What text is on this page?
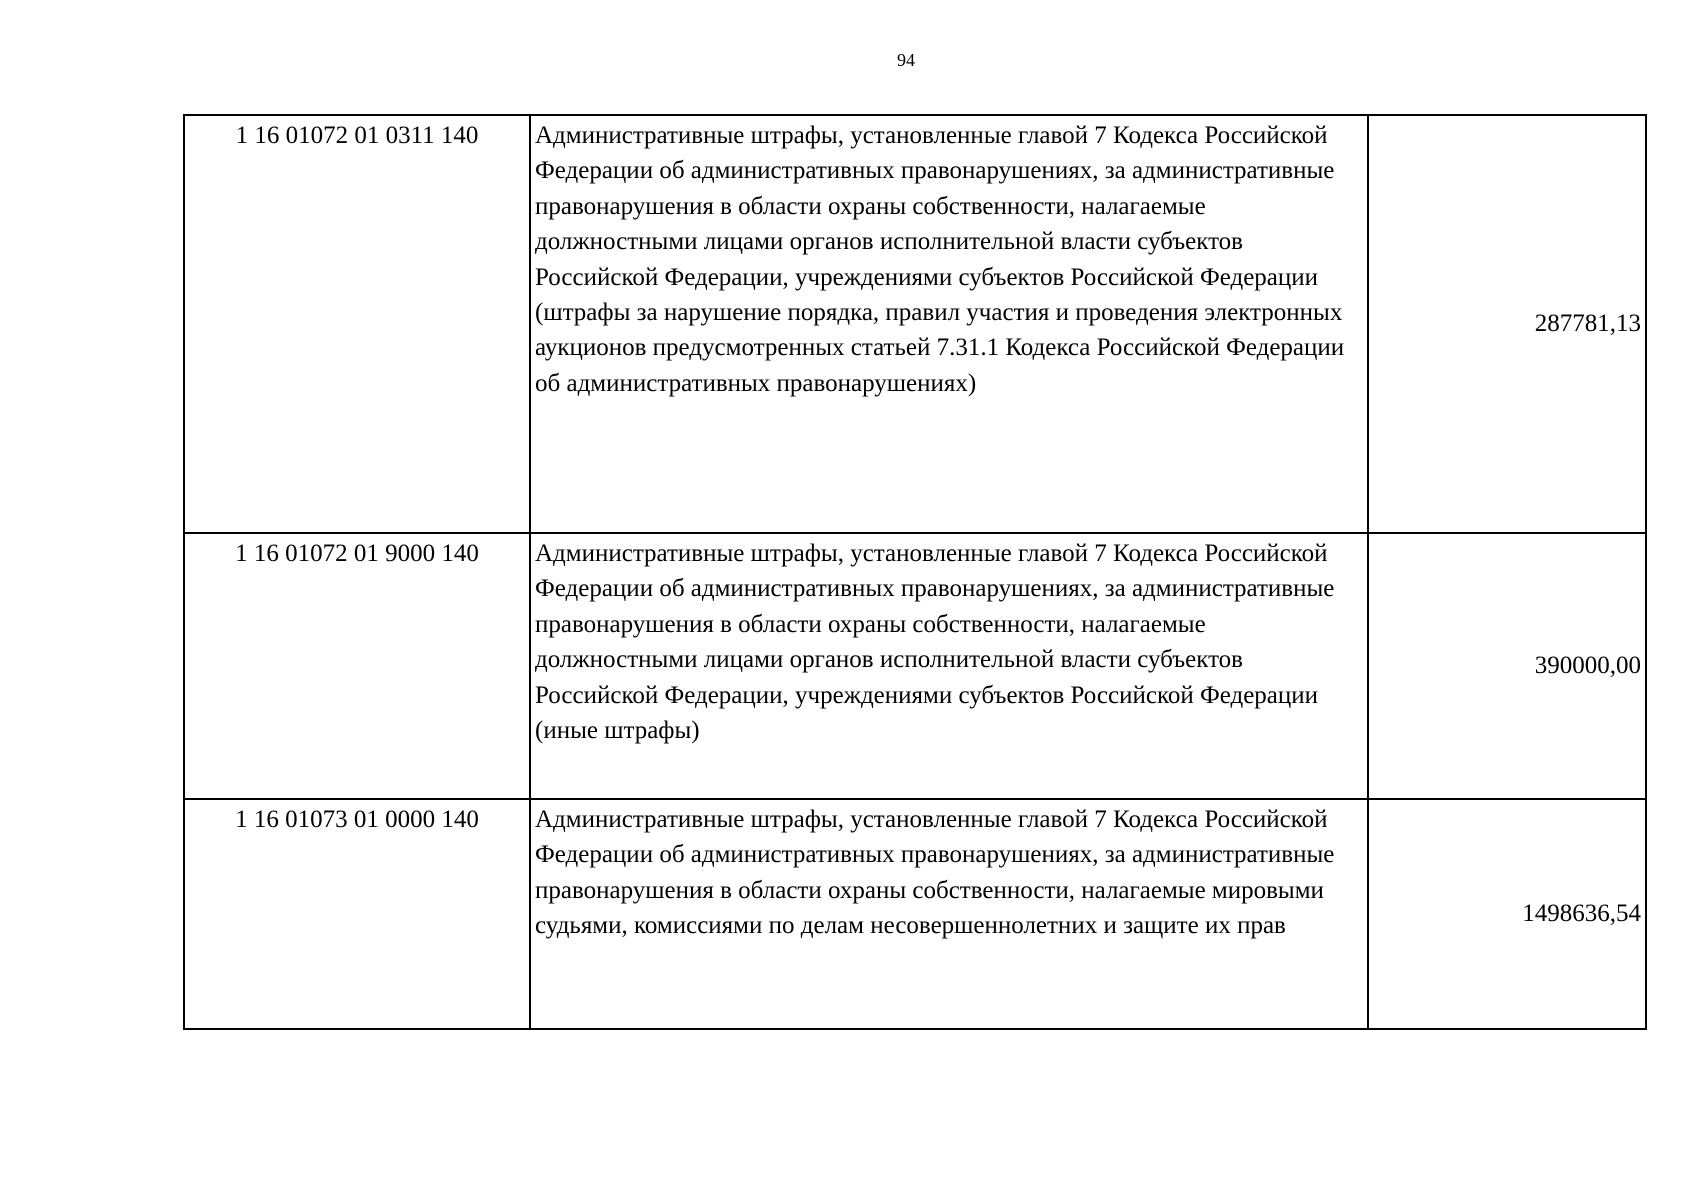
94
1 16 01072 01 0311 140	Административные штрафы, установленные главой 7 Кодекса Российской Федерации об административных правонарушениях, за административные правонарушения в области охраны собственности, налагаемые должностными лицами органов исполнительной власти субъектов Российской Федерации, учреждениями субъектов Российской Федерации (штрафы за нарушение порядка, правил участия и проведения электронных аукционов предусмотренных статьей 7.31.1 Кодекса Российской Федерации об административных правонарушениях)	287781,13
1 16 01072 01 9000 140	Административные штрафы, установленные главой 7 Кодекса Российской Федерации об административных правонарушениях, за административные правонарушения в области охраны собственности, налагаемые должностными лицами органов исполнительной власти субъектов Российской Федерации, учреждениями субъектов Российской Федерации (иные штрафы)	390000,00
1 16 01073 01 0000 140	Административные штрафы, установленные главой 7 Кодекса Российской Федерации об административных правонарушениях, за административные правонарушения в области охраны собственности, налагаемые мировыми судьями, комиссиями по делам несовершеннолетних и защите их прав	1498636,54
